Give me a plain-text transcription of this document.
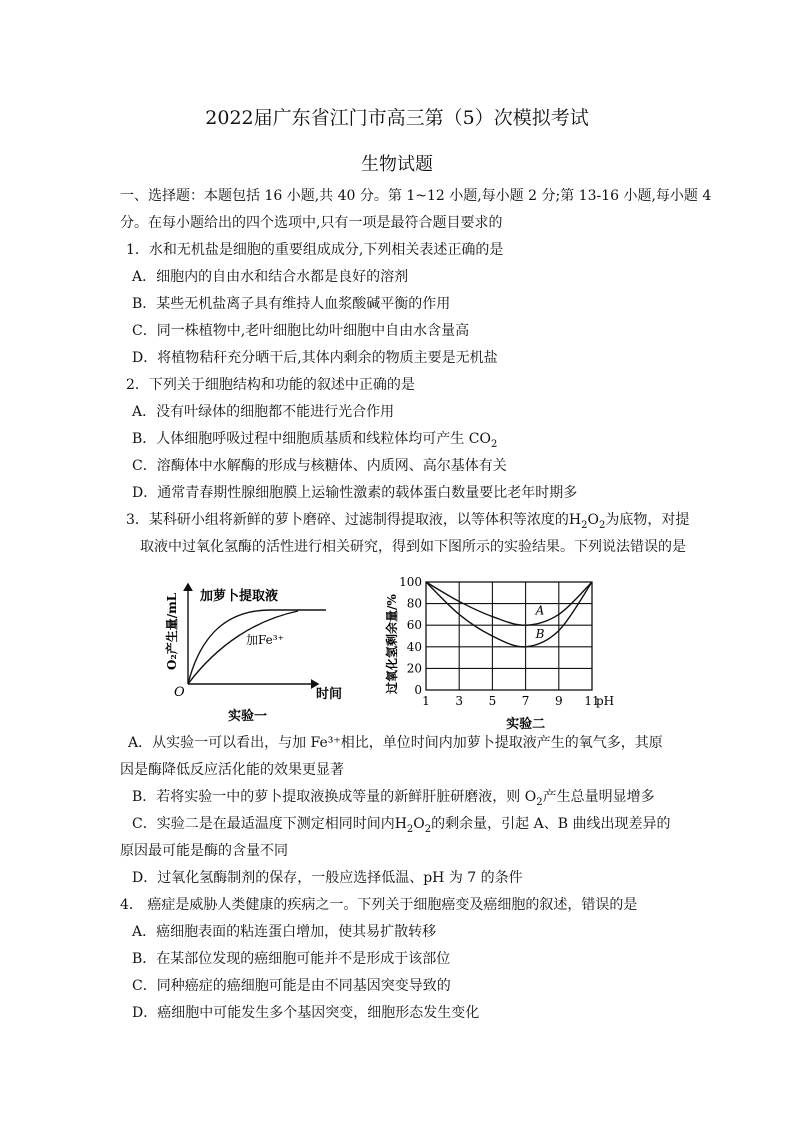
2022届广东省江门市高三第（5）次模拟考试
生物试题
一、选择题：本题包括 16 小题,共 40 分。第 1~12 小题,每小题 2 分;第 13-16 小题,每小题 4
分。在每小题给出的四个选项中,只有一项是最符合题目要求的
1．水和无机盐是细胞的重要组成成分,下列相关表述正确的是
A．细胞内的自由水和结合水都是良好的溶剂
B．某些无机盐离子具有维持人血浆酸碱平衡的作用
C．同一株植物中,老叶细胞比幼叶细胞中自由水含量高
D．将植物秸秆充分晒干后,其体内剩余的物质主要是无机盐
2．下列关于细胞结构和功能的叙述中正确的是
A．没有叶绿体的细胞都不能进行光合作用
B．人体细胞呼吸过程中细胞质基质和线粒体均可产生 $CO_2$
C．溶酶体中水解酶的形成与核糖体、内质网、高尔基体有关
D．通常青春期性腺细胞膜上运输性激素的载体蛋白数量要比老年时期多
3．某科研小组将新鲜的萝卜磨碎、过滤制得提取液，以等体积等浓度的$H_2O_2$为底物，对提
取液中过氧化氢酶的活性进行相关研究，得到如下图所示的实验结果。下列说法错误的是
加萝卜提取液
加Fe³⁺
O	时间
O₂产生量/mL
实验一
0
20
40
60
80
100
1 3 5 7 9 11
A
B
pH
过氧化氢剩余量/%
实验二
A．从实验一可以看出，与加 Fe³⁺相比，单位时间内加萝卜提取液产生的氧气多，其原
因是酶降低反应活化能的效果更显著
B．若将实验一中的萝卜提取液换成等量的新鲜肝脏研磨液，则 $O_2$产生总量明显增多
C．实验二是在最适温度下测定相同时间内$H_2O_2$的剩余量，引起 A、B 曲线出现差异的
原因最可能是酶的含量不同
D．过氧化氢酶制剂的保存，一般应选择低温、pH 为 7 的条件
4． 癌症是威胁人类健康的疾病之一。下列关于细胞癌变及癌细胞的叙述，错误的是
A．癌细胞表面的粘连蛋白增加，使其易扩散转移
B．在某部位发现的癌细胞可能并不是形成于该部位
C．同种癌症的癌细胞可能是由不同基因突变导致的
D．癌细胞中可能发生多个基因突变，细胞形态发生变化
